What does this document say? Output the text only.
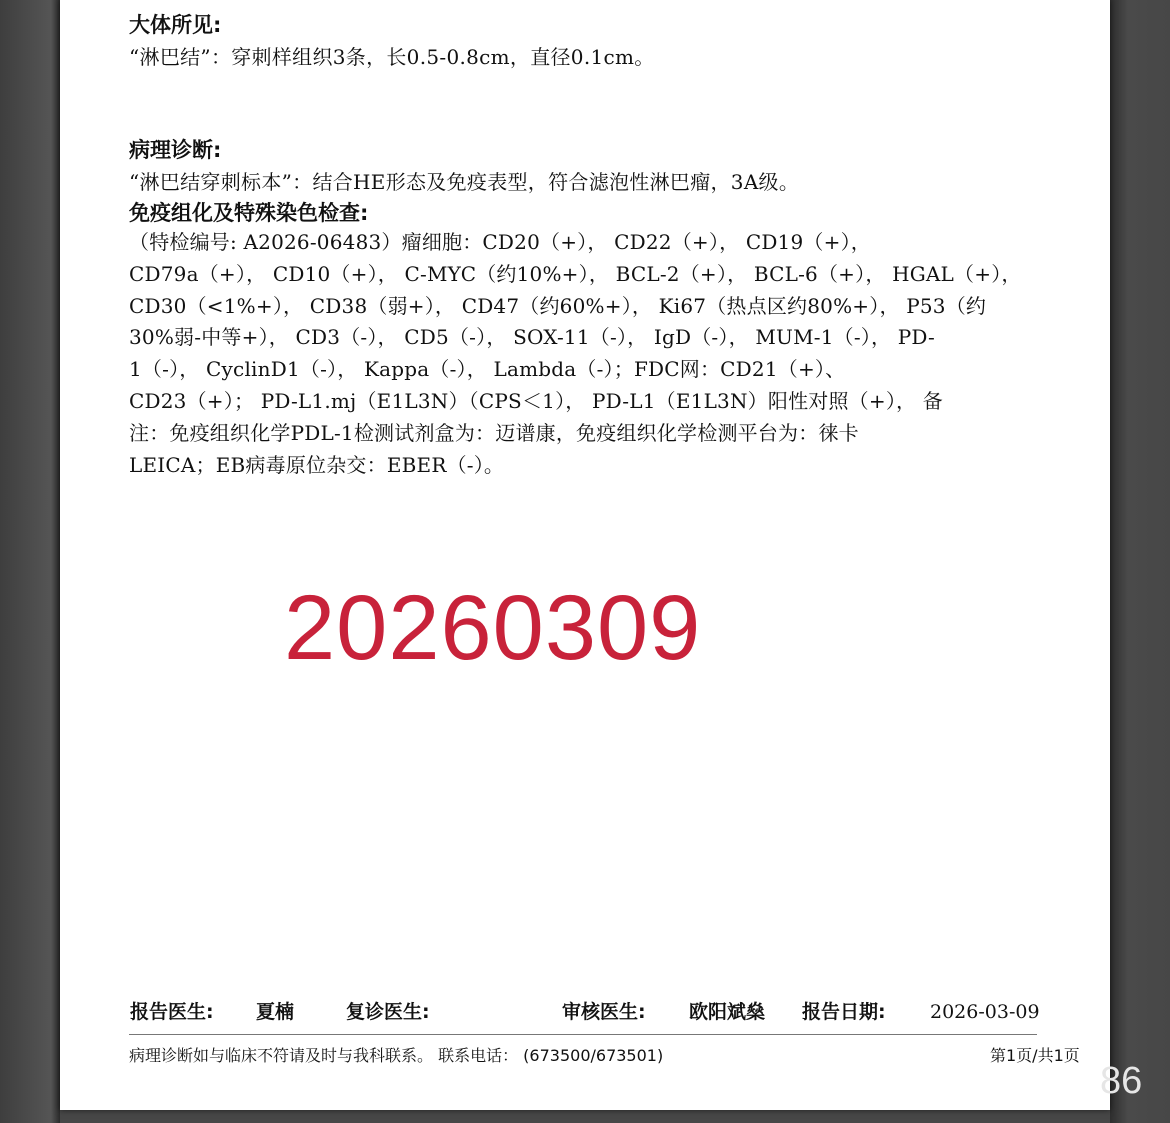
大体所见:
“淋巴结”：穿刺样组织3条，长0.5-0.8cm，直径0.1cm。
病理诊断:
“淋巴结穿刺标本”：结合HE形态及免疫表型，符合滤泡性淋巴瘤，3A级。
免疫组化及特殊染色检查:
（特检编号: A2026-06483）瘤细胞：CD20（+）， CD22（+）， CD19（+），
CD79a（+）， CD10（+）， C-MYC（约10%+）， BCL-2（+）， BCL-6（+）， HGAL（+），
CD30（<1%+）， CD38（弱+）， CD47（约60%+）， Ki67（热点区约80%+）， P53（约
30%弱-中等+）， CD3（-）， CD5（-）， SOX-11（-）， IgD（-）， MUM-1（-）， PD-
1（-）， CyclinD1（-）， Kappa（-）， Lambda（-）；FDC网：CD21（+）、
CD23（+）； PD-L1.mj（E1L3N）（CPS＜1）， PD-L1（E1L3N）阳性对照（+）， 备
注：免疫组织化学PDL-1检测试剂盒为：迈谱康，免疫组织化学检测平台为：徕卡
LEICA；EB病毒原位杂交：EBER（-）。
20260309
报告医生: 夏楠	复诊医生:	审核医生: 欧阳斌燊 报告日期: 2026-03-09
病理诊断如与临床不符请及时与我科联系。 联系电话： (673500/673501)	第1页/共1页
86
